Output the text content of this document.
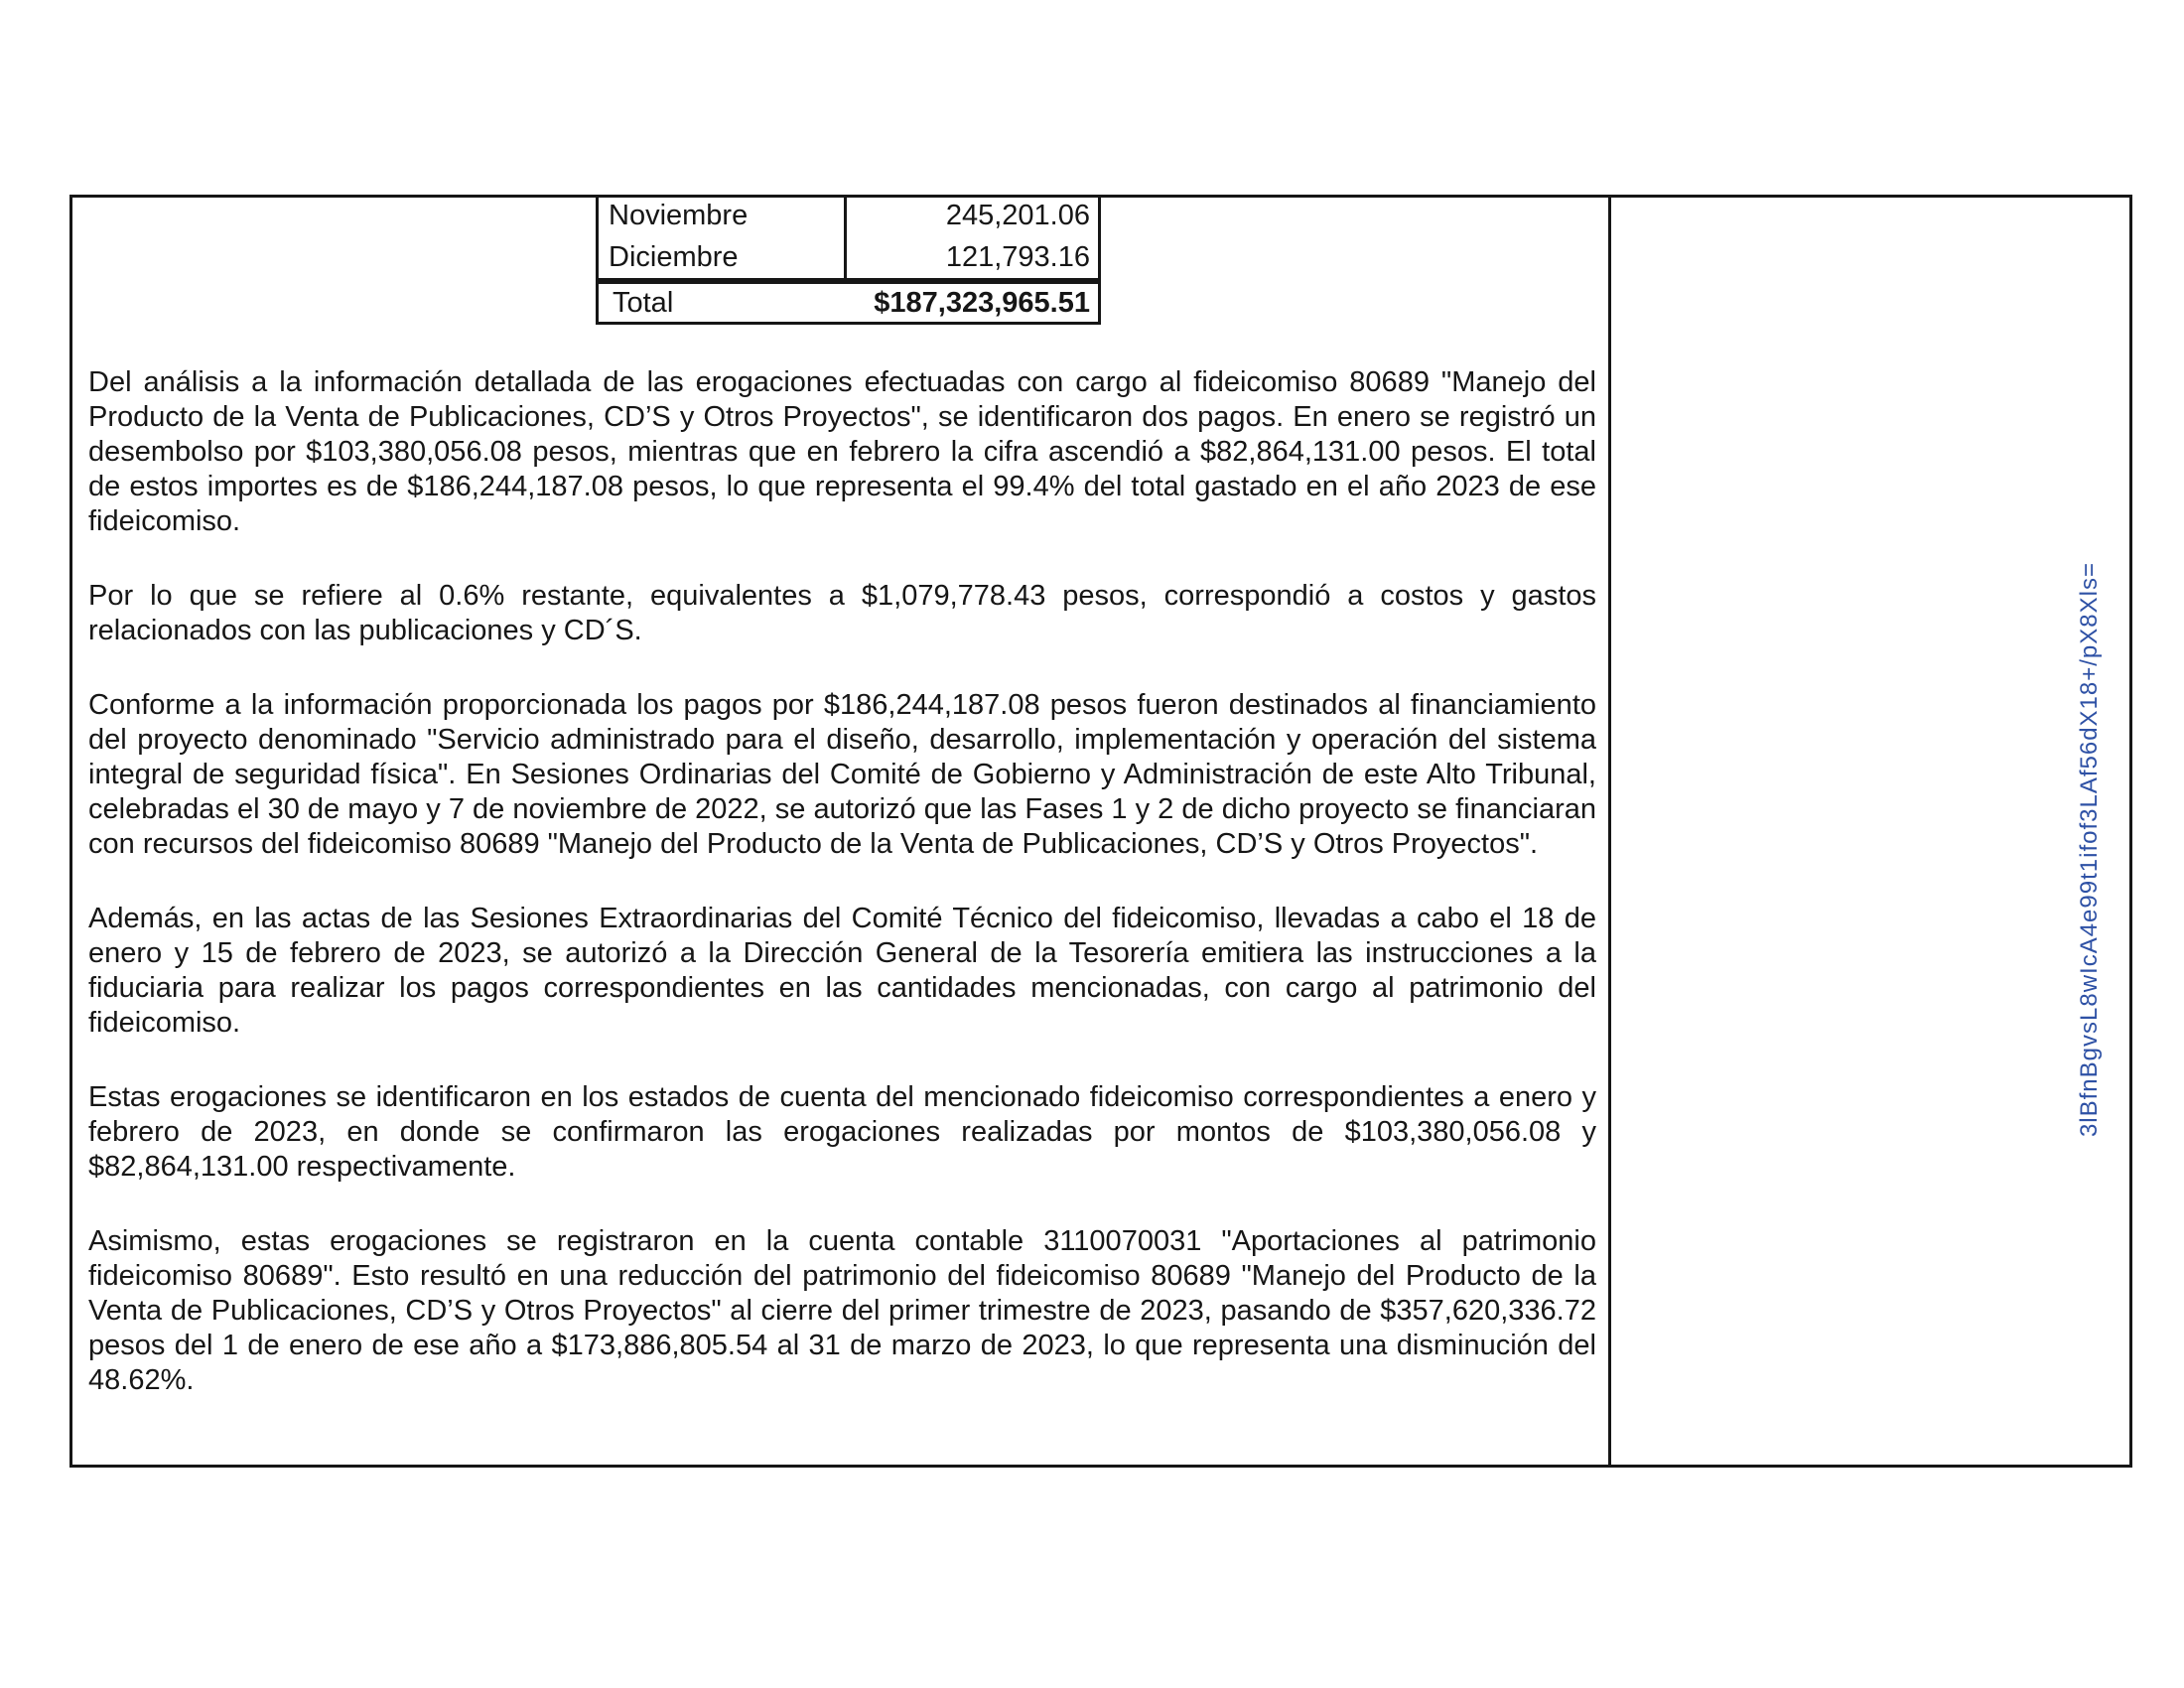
Noviembre	245,201.06
Diciembre	121,793.16
Total	$187,323,965.51

Del análisis a la información detallada de las erogaciones efectuadas con cargo al fideicomiso 80689 "Manejo del Producto de la Venta de Publicaciones, CD’S y Otros Proyectos", se identificaron dos pagos. En enero se registró un desembolso por $103,380,056.08 pesos, mientras que en febrero la cifra ascendió a $82,864,131.00 pesos. El total de estos importes es de $186,244,187.08 pesos, lo que representa el 99.4% del total gastado en el año 2023 de ese fideicomiso.

Por lo que se refiere al 0.6% restante, equivalentes a $1,079,778.43 pesos, correspondió a costos y gastos relacionados con las publicaciones y CD´S.

Conforme a la información proporcionada los pagos por $186,244,187.08 pesos fueron destinados al financiamiento del proyecto denominado "Servicio administrado para el diseño, desarrollo, implementación y operación del sistema integral de seguridad física". En Sesiones Ordinarias del Comité de Gobierno y Administración de este Alto Tribunal, celebradas el 30 de mayo y 7 de noviembre de 2022, se autorizó que las Fases 1 y 2 de dicho proyecto se financiaran con recursos del fideicomiso 80689 "Manejo del Producto de la Venta de Publicaciones, CD’S y Otros Proyectos".

Además, en las actas de las Sesiones Extraordinarias del Comité Técnico del fideicomiso, llevadas a cabo el 18 de enero y 15 de febrero de 2023, se autorizó a la Dirección General de la Tesorería emitiera las instrucciones a la fiduciaria para realizar los pagos correspondientes en las cantidades mencionadas, con cargo al patrimonio del fideicomiso.

Estas erogaciones se identificaron en los estados de cuenta del mencionado fideicomiso correspondientes a enero y febrero de 2023, en donde se confirmaron las erogaciones realizadas por montos de $103,380,056.08 y $82,864,131.00 respectivamente.

Asimismo, estas erogaciones se registraron en la cuenta contable 3110070031 "Aportaciones al patrimonio fideicomiso 80689". Esto resultó en una reducción del patrimonio del fideicomiso 80689 "Manejo del Producto de la Venta de Publicaciones, CD’S y Otros Proyectos" al cierre del primer trimestre de 2023, pasando de $357,620,336.72 pesos del 1 de enero de ese año a $173,886,805.54 al 31 de marzo de 2023, lo que representa una disminución del 48.62%.

3lBfnBgvsL8wIcA4e99t1ifof3LAf56dX18+/pX8Xls=
